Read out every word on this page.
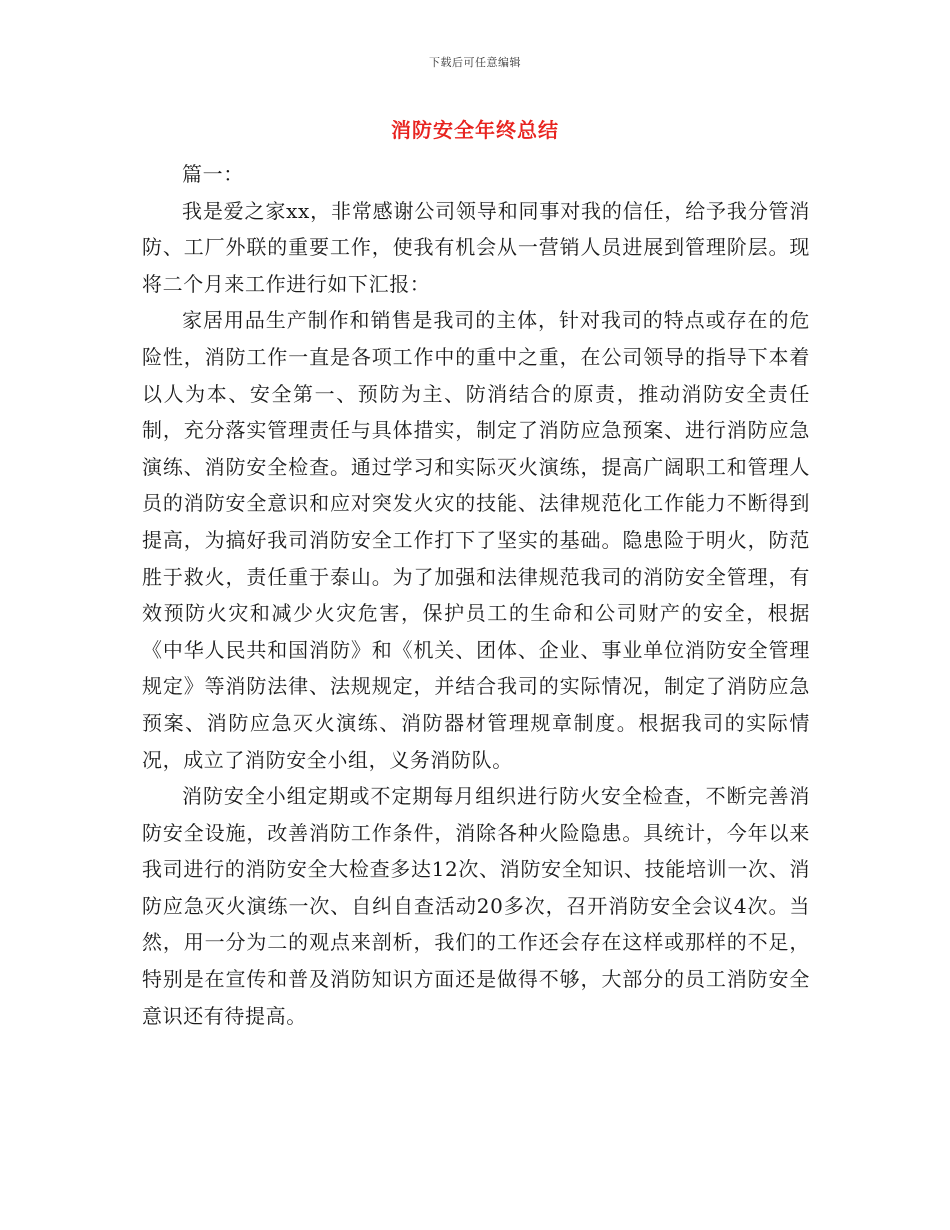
下载后可任意编辑
消防安全年终总结

篇一：

我是爱之家xx，非常感谢公司领导和同事对我的信任，给予我分管消防、工厂外联的重要工作，使我有机会从一营销人员进展到管理阶层。现将二个月来工作进行如下汇报：

家居用品生产制作和销售是我司的主体，针对我司的特点或存在的危险性，消防工作一直是各项工作中的重中之重，在公司领导的指导下本着以人为本、安全第一、预防为主、防消结合的原责，推动消防安全责任制，充分落实管理责任与具体措实，制定了消防应急预案、进行消防应急演练、消防安全检查。通过学习和实际灭火演练，提高广阔职工和管理人员的消防安全意识和应对突发火灾的技能、法律规范化工作能力不断得到提高，为搞好我司消防安全工作打下了坚实的基础。隐患险于明火，防范胜于救火，责任重于泰山。为了加强和法律规范我司的消防安全管理，有效预防火灾和减少火灾危害，保护员工的生命和公司财产的安全，根据《中华人民共和国消防》和《机关、团体、企业、事业单位消防安全管理规定》等消防法律、法规规定，并结合我司的实际情况，制定了消防应急预案、消防应急灭火演练、消防器材管理规章制度。根据我司的实际情况，成立了消防安全小组，义务消防队。

消防安全小组定期或不定期每月组织进行防火安全检查，不断完善消防安全设施，改善消防工作条件，消除各种火险隐患。具统计，今年以来我司进行的消防安全大检查多达12次、消防安全知识、技能培训一次、消防应急灭火演练一次、自纠自查活动20多次，召开消防安全会议4次。当然，用一分为二的观点来剖析，我们的工作还会存在这样或那样的不足，特别是在宣传和普及消防知识方面还是做得不够，大部分的员工消防安全意识还有待提高。
